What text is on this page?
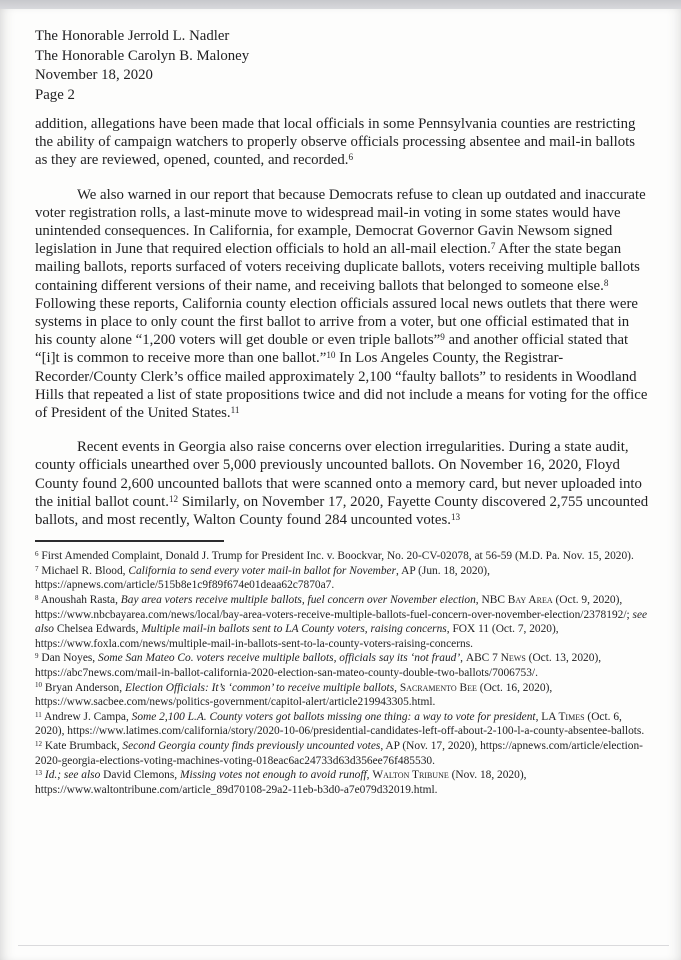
The Honorable Jerrold L. Nadler
The Honorable Carolyn B. Maloney
November 18, 2020
Page 2

addition, allegations have been made that local officials in some Pennsylvania counties are restricting the ability of campaign watchers to properly observe officials processing absentee and mail-in ballots as they are reviewed, opened, counted, and recorded.$^6$

We also warned in our report that because Democrats refuse to clean up outdated and inaccurate voter registration rolls, a last-minute move to widespread mail-in voting in some states would have unintended consequences. In California, for example, Democrat Governor Gavin Newsom signed legislation in June that required election officials to hold an all-mail election.$^7$ After the state began mailing ballots, reports surfaced of voters receiving duplicate ballots, voters receiving multiple ballots containing different versions of their name, and receiving ballots that belonged to someone else.$^8$ Following these reports, California county election officials assured local news outlets that there were systems in place to only count the first ballot to arrive from a voter, but one official estimated that in his county alone “1,200 voters will get double or even triple ballots”$^9$ and another official stated that “[i]t is common to receive more than one ballot.”$^{10}$ In Los Angeles County, the Registrar-Recorder/County Clerk’s office mailed approximately 2,100 “faulty ballots” to residents in Woodland Hills that repeated a list of state propositions twice and did not include a means for voting for the office of President of the United States.$^{11}$

Recent events in Georgia also raise concerns over election irregularities. During a state audit, county officials unearthed over 5,000 previously uncounted ballots. On November 16, 2020, Floyd County found 2,600 uncounted ballots that were scanned onto a memory card, but never uploaded into the initial ballot count.$^{12}$ Similarly, on November 17, 2020, Fayette County discovered 2,755 uncounted ballots, and most recently, Walton County found 284 uncounted votes.$^{13}$

$^6$ First Amended Complaint, Donald J. Trump for President Inc. v. Boockvar, No. 20-CV-02078, at 56-59 (M.D. Pa. Nov. 15, 2020).
$^7$ Michael R. Blood, California to send every voter mail-in ballot for November, AP (Jun. 18, 2020), https://apnews.com/article/515b8e1c9f89f674e01deaa62c7870a7.
$^8$ Anoushah Rasta, Bay area voters receive multiple ballots, fuel concern over November election, NBC Bay Area (Oct. 9, 2020), https://www.nbcbayarea.com/news/local/bay-area-voters-receive-multiple-ballots-fuel-concern-over-november-election/2378192/; see also Chelsea Edwards, Multiple mail-in ballots sent to LA County voters, raising concerns, FOX 11 (Oct. 7, 2020), https://www.foxla.com/news/multiple-mail-in-ballots-sent-to-la-county-voters-raising-concerns.
$^9$ Dan Noyes, Some San Mateo Co. voters receive multiple ballots, officials say its ‘not fraud’, ABC 7 News (Oct. 13, 2020), https://abc7news.com/mail-in-ballot-california-2020-election-san-mateo-county-double-two-ballots/7006753/.
$^{10}$ Bryan Anderson, Election Officials: It’s ‘common’ to receive multiple ballots, Sacramento Bee (Oct. 16, 2020), https://www.sacbee.com/news/politics-government/capitol-alert/article219943305.html.
$^{11}$ Andrew J. Campa, Some 2,100 L.A. County voters got ballots missing one thing: a way to vote for president, LA Times (Oct. 6, 2020), https://www.latimes.com/california/story/2020-10-06/presidential-candidates-left-off-about-2-100-l-a-county-absentee-ballots.
$^{12}$ Kate Brumback, Second Georgia county finds previously uncounted votes, AP (Nov. 17, 2020), https://apnews.com/article/election-2020-georgia-elections-voting-machines-voting-018eac6ac24733d63d356ee76f485530.
$^{13}$ Id.; see also David Clemons, Missing votes not enough to avoid runoff, Walton Tribune (Nov. 18, 2020), https://www.waltontribune.com/article_89d70108-29a2-11eb-b3d0-a7e079d32019.html.
